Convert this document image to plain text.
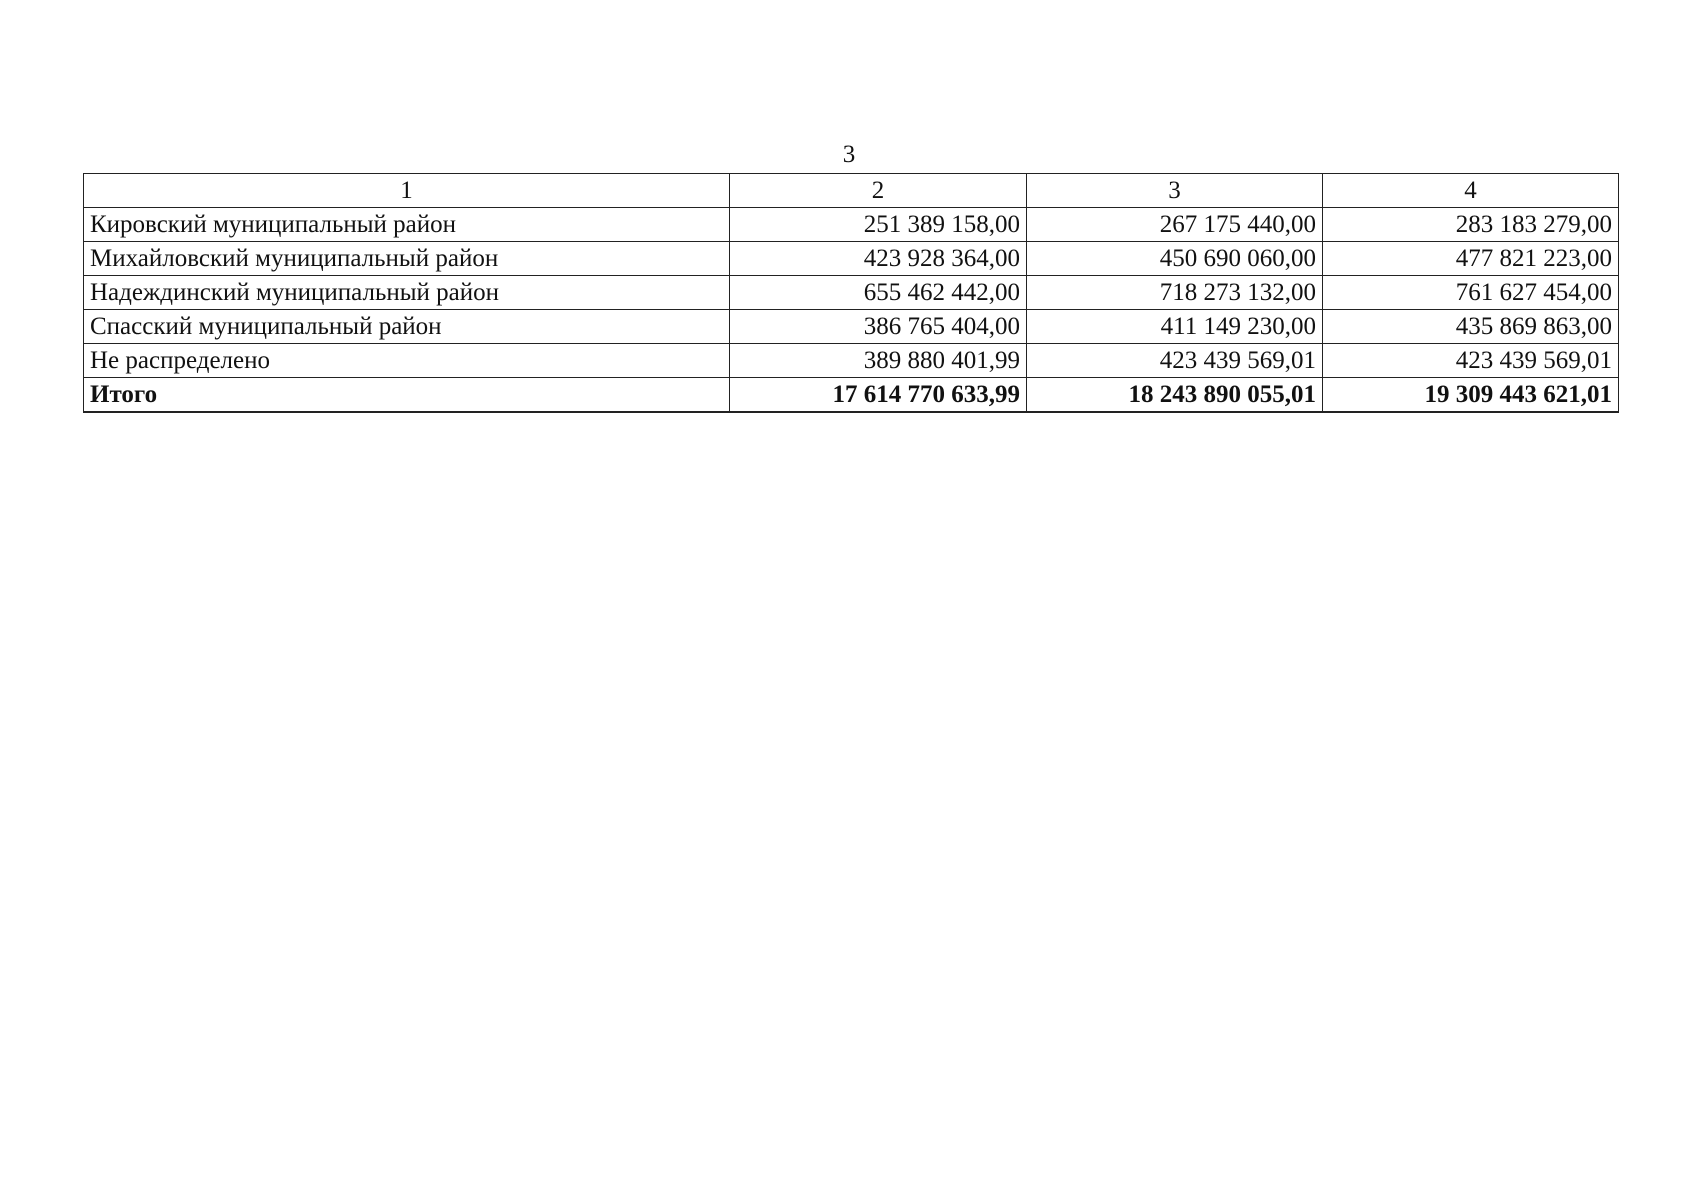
3
1	2	3	4
Кировский муниципальный район	251 389 158,00	267 175 440,00	283 183 279,00
Михайловский муниципальный район	423 928 364,00	450 690 060,00	477 821 223,00
Надеждинский муниципальный район	655 462 442,00	718 273 132,00	761 627 454,00
Спасский муниципальный район	386 765 404,00	411 149 230,00	435 869 863,00
Не распределено	389 880 401,99	423 439 569,01	423 439 569,01
Итого	17 614 770 633,99	18 243 890 055,01	19 309 443 621,01
